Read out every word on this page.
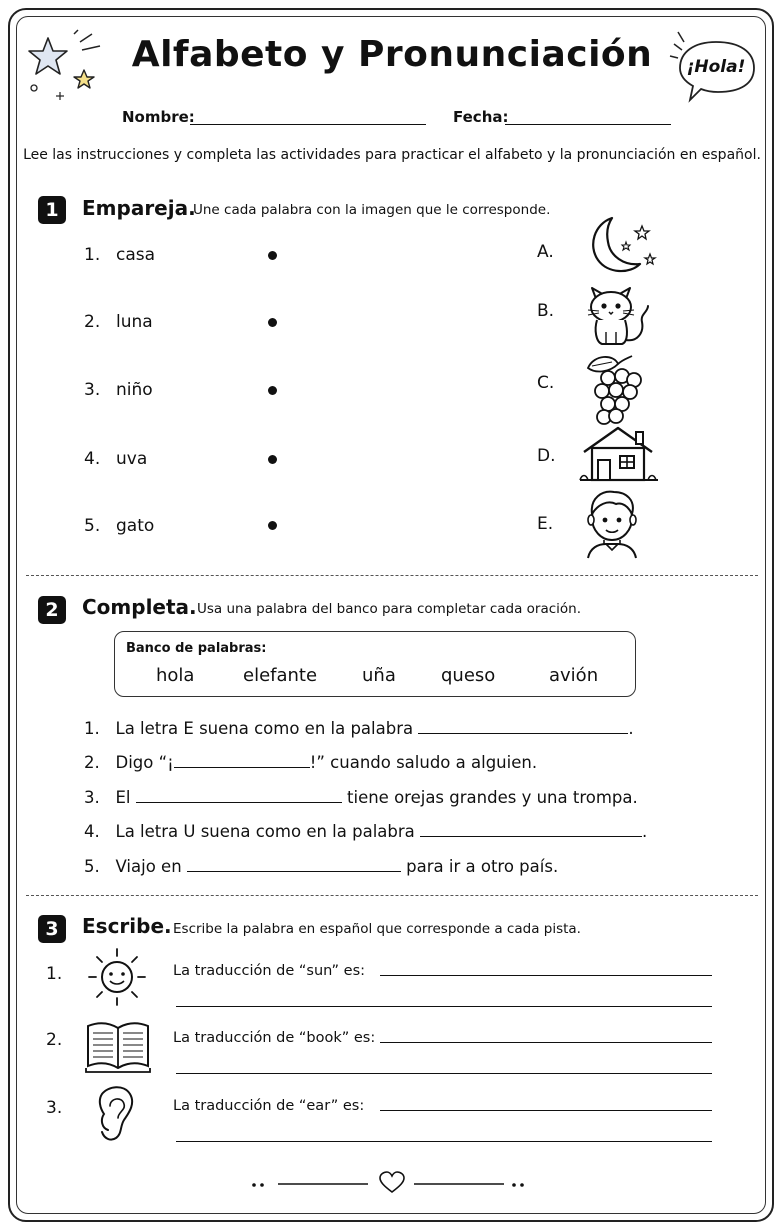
Alfabeto y Pronunciación	¡Hola!
Nombre:	Fecha:
Lee las instrucciones y completa las actividades para practicar el alfabeto y la pronunciación en español.
1	Empareja.
Une cada palabra con la imagen que le corresponde.
1. casa
2. luna
3. niño
4. uva
5. gato
A.
B.
C.
D.
E.
2	Completa. Usa una palabra del banco para completar cada oración.
Banco de palabras:
hola	elefante uña	queso	avión
1. La letra E suena como en la palabra	.
2. Digo “¡	!” cuando saludo a alguien.
3. El	tiene orejas grandes y una trompa.
4. La letra U suena como en la palabra	.
5. Viajo en	para ir a otro país.
3	Escribe. Escribe la palabra en español que corresponde a cada pista.
1.	La traducción de “sun” es:
2.	La traducción de “book” es:
3.	La traducción de “ear” es:
